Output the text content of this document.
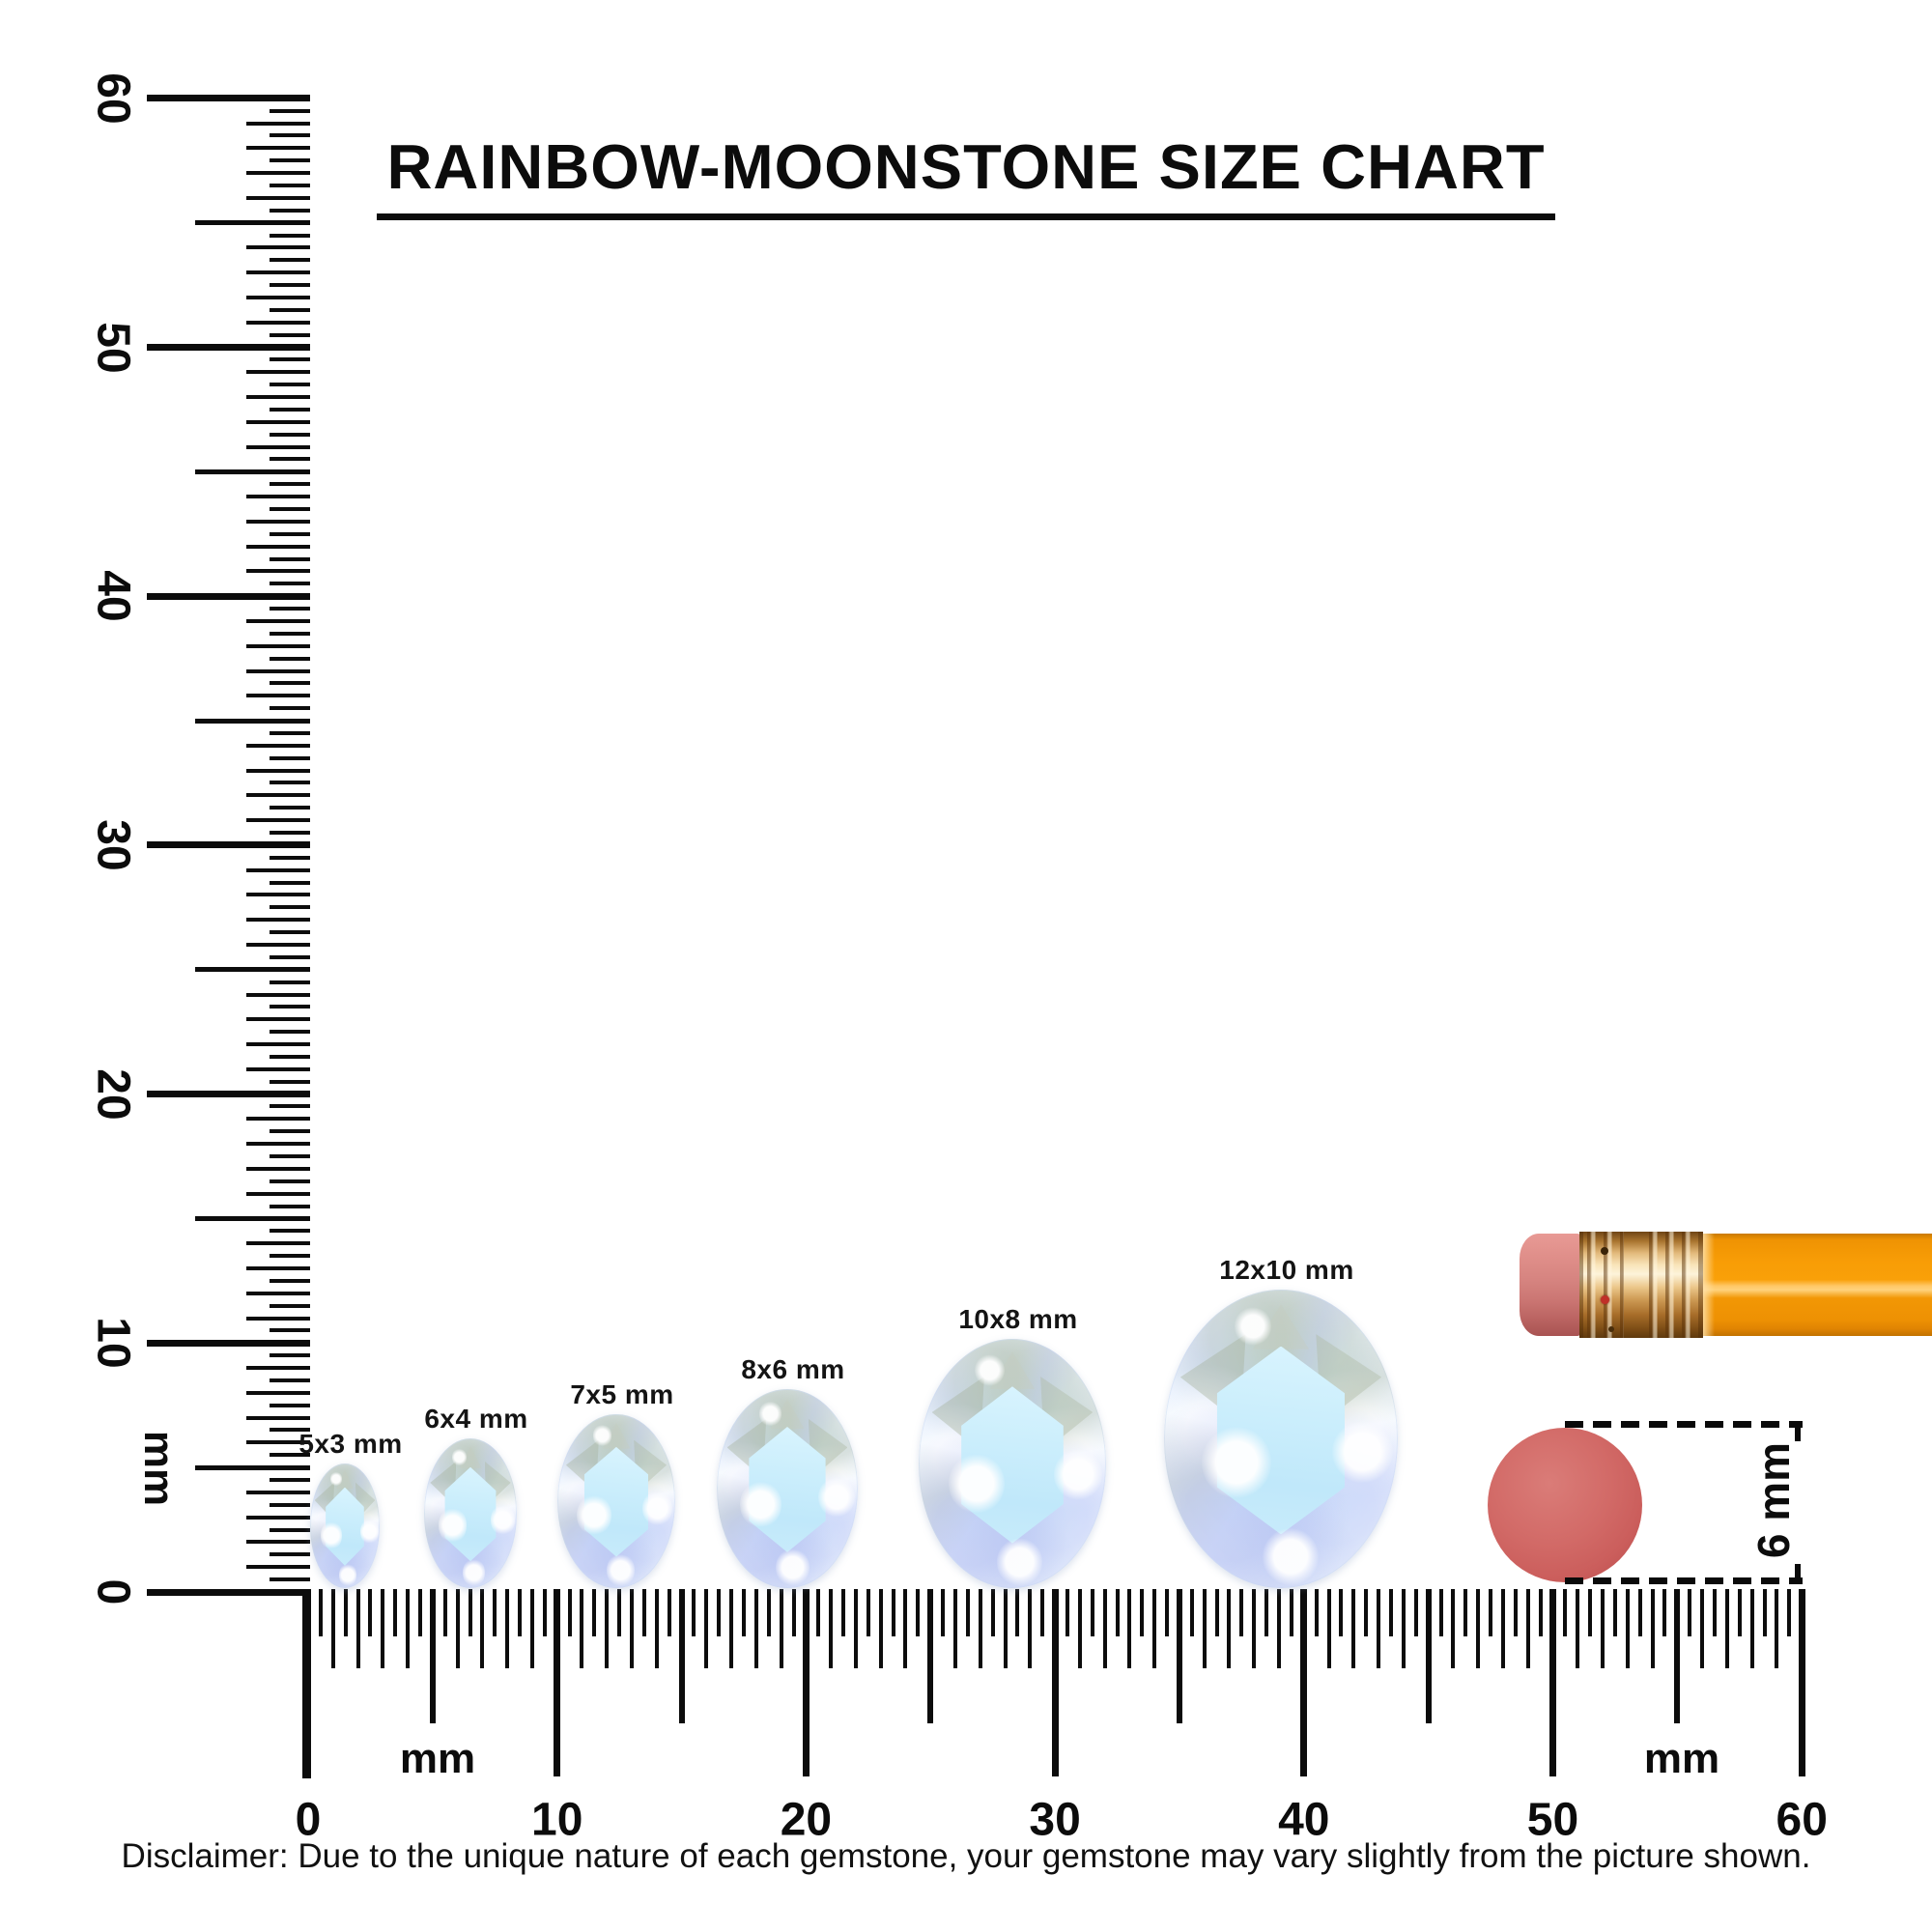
RAINBOW-MOONSTONE SIZE CHART
0
10
20
30
40
50
60
mm
0	10	20	30	40	50	60
mm	mm
5x3 mm
6x4 mm
7x5 mm
8x6 mm
10x8 mm
12x10 mm
6 mm
Disclaimer: Due to the unique nature of each gemstone, your gemstone may vary slightly from the picture shown.
